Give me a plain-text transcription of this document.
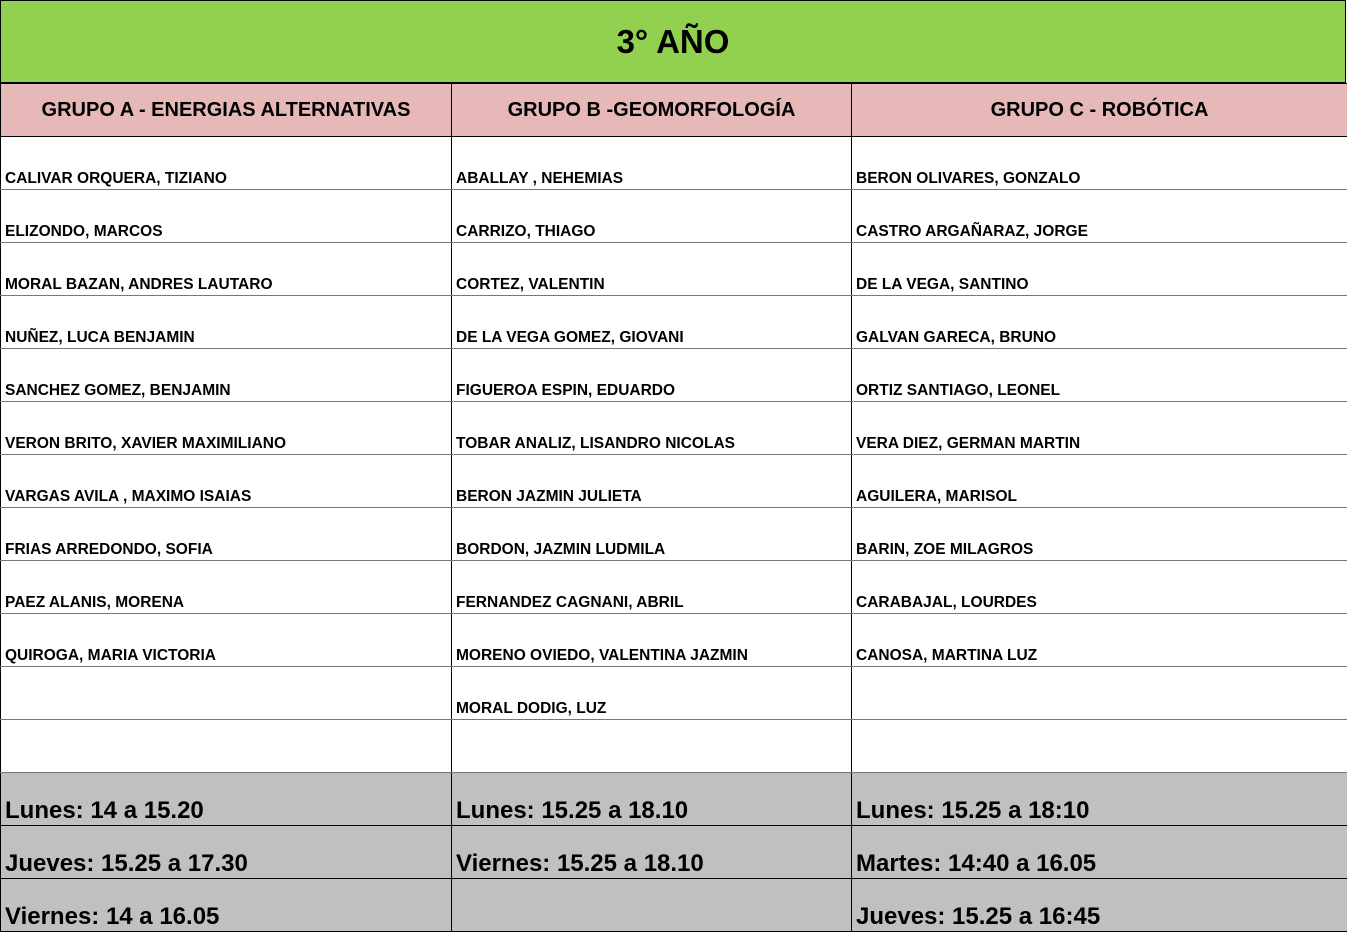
3° AÑO
GRUPO A - ENERGIAS ALTERNATIVAS	GRUPO B -GEOMORFOLOGÍA	GRUPO C - ROBÓTICA
CALIVAR ORQUERA, TIZIANO	ABALLAY , NEHEMIAS	BERON OLIVARES, GONZALO
ELIZONDO, MARCOS	CARRIZO, THIAGO	CASTRO ARGAÑARAZ, JORGE
MORAL BAZAN, ANDRES LAUTARO	CORTEZ, VALENTIN	DE LA VEGA, SANTINO
NUÑEZ, LUCA BENJAMIN	DE LA VEGA GOMEZ, GIOVANI	GALVAN GARECA, BRUNO
SANCHEZ GOMEZ, BENJAMIN	FIGUEROA ESPIN, EDUARDO	ORTIZ SANTIAGO, LEONEL
VERON BRITO, XAVIER MAXIMILIANO	TOBAR ANALIZ, LISANDRO NICOLAS	VERA DIEZ, GERMAN MARTIN
VARGAS AVILA , MAXIMO ISAIAS	BERON JAZMIN JULIETA	AGUILERA, MARISOL
FRIAS ARREDONDO, SOFIA	BORDON, JAZMIN LUDMILA	BARIN, ZOE MILAGROS
PAEZ ALANIS, MORENA	FERNANDEZ CAGNANI, ABRIL	CARABAJAL, LOURDES
QUIROGA, MARIA VICTORIA	MORENO OVIEDO, VALENTINA JAZMIN	CANOSA, MARTINA LUZ
	MORAL DODIG, LUZ	

Lunes: 14 a 15.20	Lunes: 15.25 a 18.10	Lunes: 15.25 a 18:10
Jueves: 15.25 a 17.30	Viernes: 15.25 a 18.10	Martes: 14:40 a 16.05
Viernes: 14 a 16.05		Jueves: 15.25 a 16:45
